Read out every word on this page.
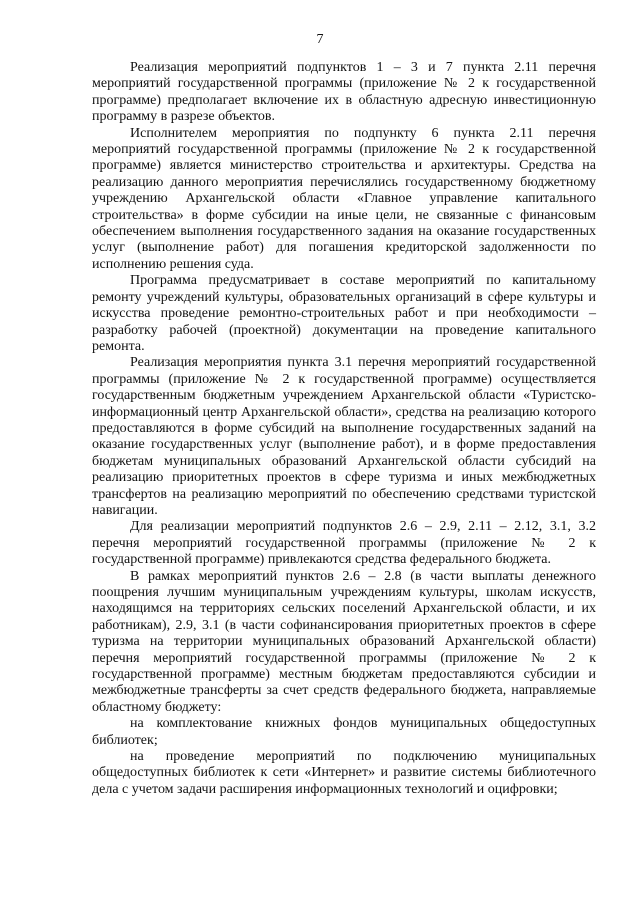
7

Реализация мероприятий подпунктов 1 – 3 и 7 пункта 2.11 перечня мероприятий государственной программы (приложение № 2 к государственной программе) предполагает включение их в областную адресную инвестиционную программу в разрезе объектов.

Исполнителем мероприятия по подпункту 6 пункта 2.11 перечня мероприятий государственной программы (приложение № 2 к государственной программе) является министерство строительства и архитектуры. Средства на реализацию данного мероприятия перечислялись государственному бюджетному учреждению Архангельской области «Главное управление капитального строительства» в форме субсидии на иные цели, не связанные с финансовым обеспечением выполнения государственного задания на оказание государственных услуг (выполнение работ) для погашения кредиторской задолженности по исполнению решения суда.

Программа предусматривает в составе мероприятий по капитальному ремонту учреждений культуры, образовательных организаций в сфере культуры и искусства проведение ремонтно-строительных работ и при необходимости – разработку рабочей (проектной) документации на проведение капитального ремонта.

Реализация мероприятия пункта 3.1 перечня мероприятий государственной программы (приложение № 2 к государственной программе) осуществляется государственным бюджетным учреждением Архангельской области «Туристско-информационный центр Архангельской области», средства на реализацию которого предоставляются в форме субсидий на выполнение государственных заданий на оказание государственных услуг (выполнение работ), и в форме предоставления бюджетам муниципальных образований Архангельской области субсидий на реализацию приоритетных проектов в сфере туризма и иных межбюджетных трансфертов на реализацию мероприятий по обеспечению средствами туристской навигации.

Для реализации мероприятий подпунктов 2.6 – 2.9, 2.11 – 2.12, 3.1, 3.2 перечня мероприятий государственной программы (приложение № 2 к государственной программе) привлекаются средства федерального бюджета.

В рамках мероприятий пунктов 2.6 – 2.8 (в части выплаты денежного поощрения лучшим муниципальным учреждениям культуры, школам искусств, находящимся на территориях сельских поселений Архангельской области, и их работникам), 2.9, 3.1 (в части софинансирования приоритетных проектов в сфере туризма на территории муниципальных образований Архангельской области) перечня мероприятий государственной программы (приложение № 2 к государственной программе) местным бюджетам предоставляются субсидии и межбюджетные трансферты за счет средств федерального бюджета, направляемые областному бюджету:

на комплектование книжных фондов муниципальных общедоступных библиотек;

на проведение мероприятий по подключению муниципальных общедоступных библиотек к сети «Интернет» и развитие системы библиотечного дела с учетом задачи расширения информационных технологий и оцифровки;
